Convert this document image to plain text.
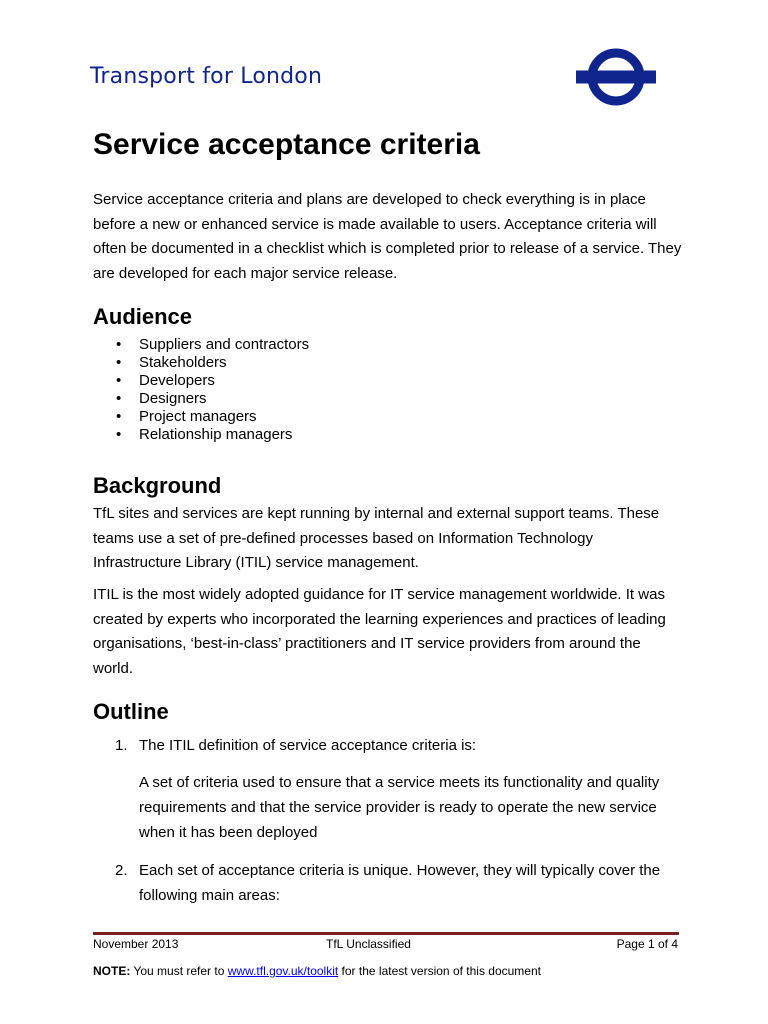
Transport for London
Service acceptance criteria

Service acceptance criteria and plans are developed to check everything is in place before a new or enhanced service is made available to users. Acceptance criteria will often be documented in a checklist which is completed prior to release of a service. They are developed for each major service release.

Audience
• Suppliers and contractors
• Stakeholders
• Developers
• Designers
• Project managers
• Relationship managers
Background

TfL sites and services are kept running by internal and external support teams. These teams use a set of pre-defined processes based on Information Technology Infrastructure Library (ITIL) service management.

ITIL is the most widely adopted guidance for IT service management worldwide. It was created by experts who incorporated the learning experiences and practices of leading organisations, ‘best-in-class’ practitioners and IT service providers from around the world.

Outline
1. The ITIL definition of service acceptance criteria is:

A set of criteria used to ensure that a service meets its functionality and quality requirements and that the service provider is ready to operate the new service when it has been deployed

2. Each set of acceptance criteria is unique. However, they will typically cover the following main areas:
November 2013	TfL Unclassified	Page 1 of 4
NOTE: You must refer to www.tfl.gov.uk/toolkit for the latest version of this document
